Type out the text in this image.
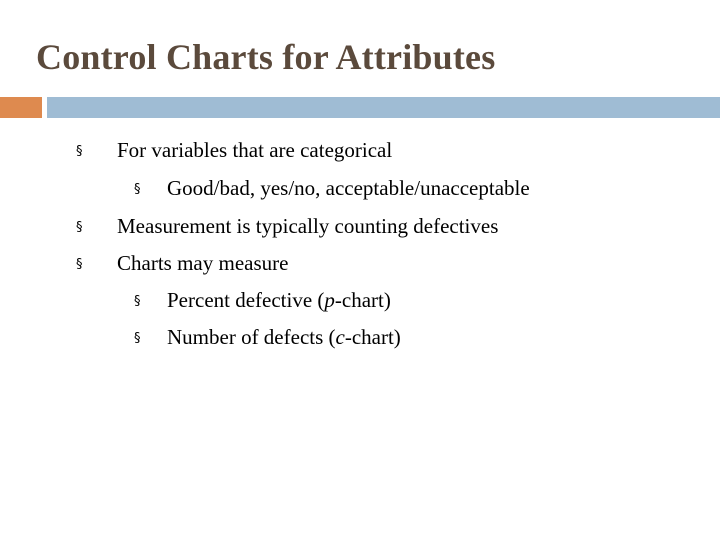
Control Charts for Attributes
§ For variables that are categorical
§ Good/bad, yes/no, acceptable/unacceptable
§ Measurement is typically counting defectives
§ Charts may measure
§ Percent defective (p-chart)
§ Number of defects (c-chart)
